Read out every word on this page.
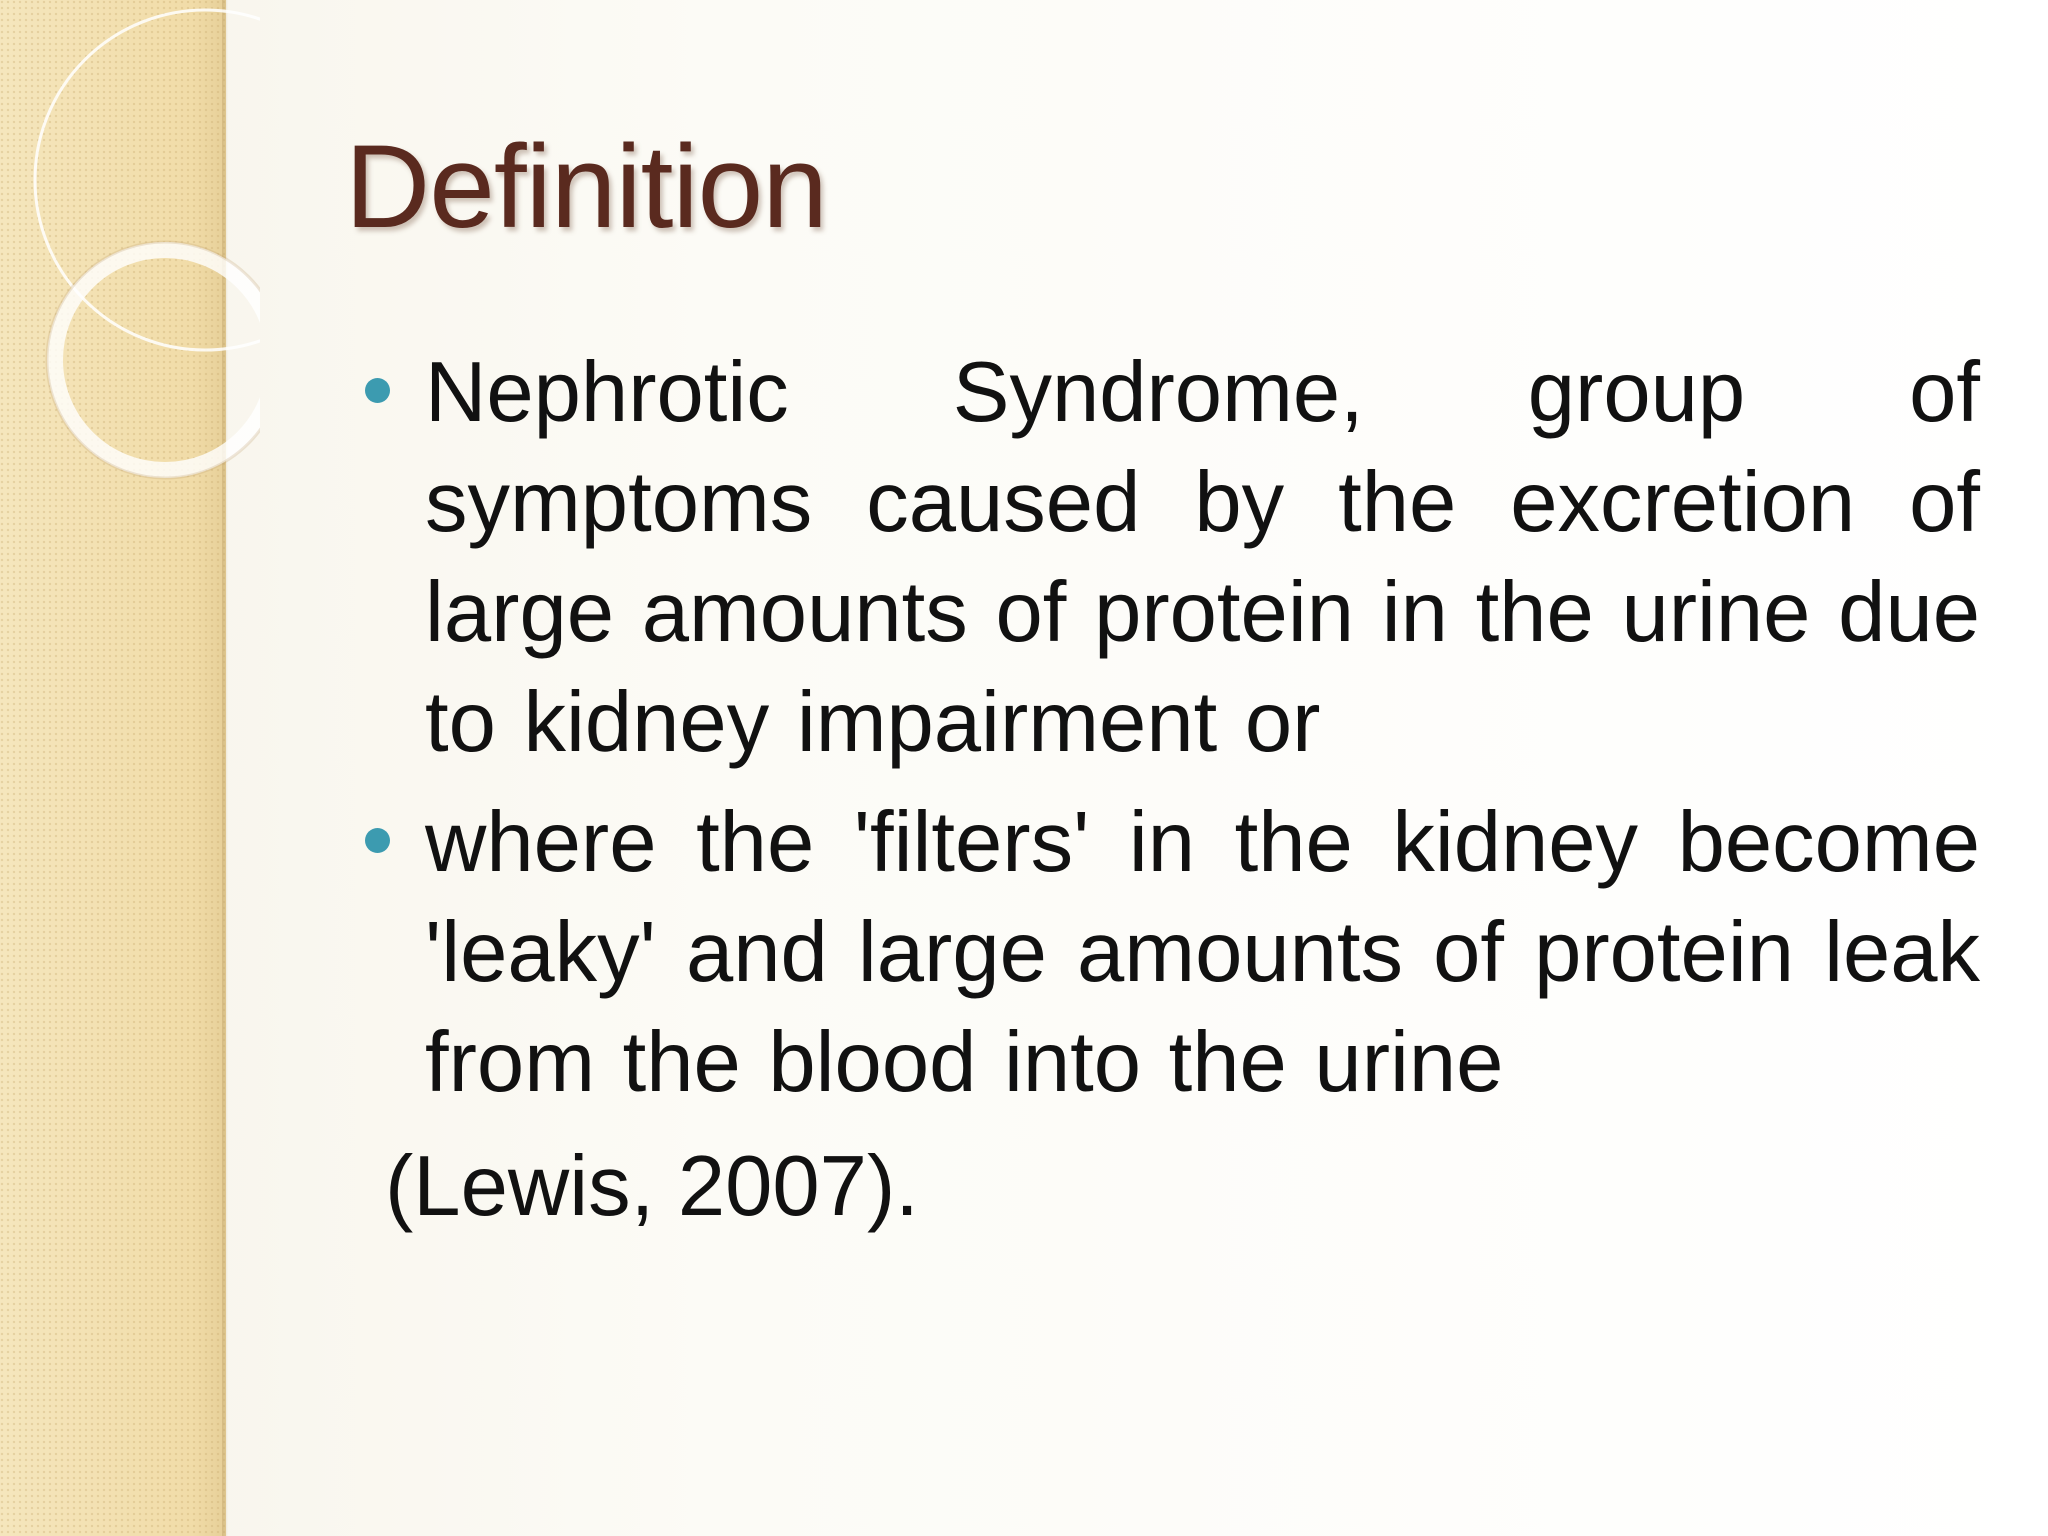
Definition
Nephrotic Syndrome, group of symptoms caused by the excretion of large amounts of protein in the urine due to kidney impairment or
where the 'filters' in the kidney become 'leaky' and large amounts of protein leak from the blood into the urine

(Lewis, 2007).
